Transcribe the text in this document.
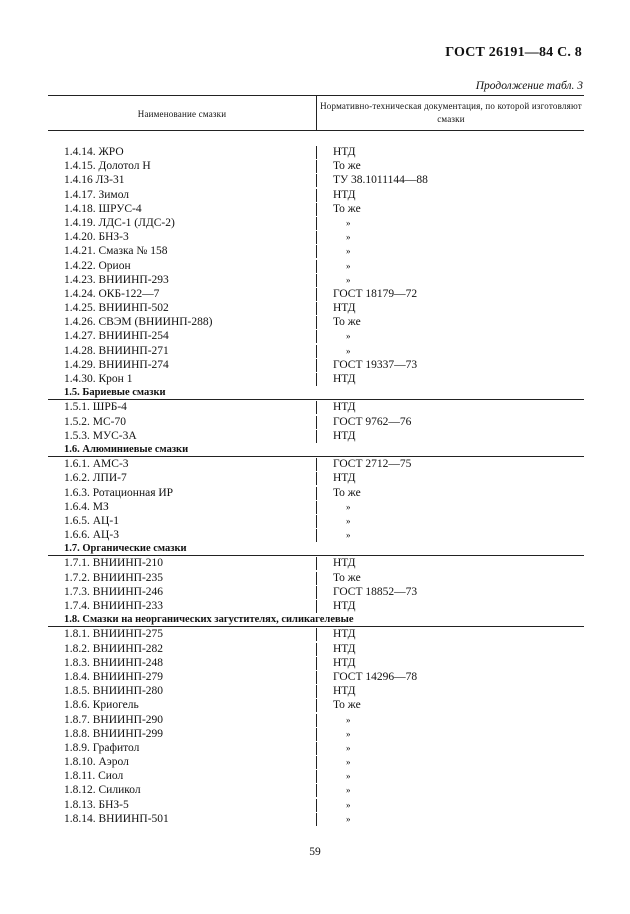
ГОСТ 26191—84 С. 8
Продолжение табл. 3
Наименование смазки
Нормативно-техническая документация, по которой изготовляют смазки
1.4.14. ЖРО	НТД
1.4.15. Долотол Н	То же
1.4.16 ЛЗ-31	ТУ 38.1011144—88
1.4.17. Зимол	НТД
1.4.18. ШРУС-4	То же
1.4.19. ЛДС-1 (ЛДС-2)	»
1.4.20. БНЗ-3	»
1.4.21. Смазка № 158	»
1.4.22. Орион	»
1.4.23. ВНИИНП-293	»
1.4.24. ОКБ-122—7	ГОСТ 18179—72
1.4.25. ВНИИНП-502	НТД
1.4.26. СВЭМ (ВНИИНП-288)	То же
1.4.27. ВНИИНП-254	»
1.4.28. ВНИИНП-271	»
1.4.29. ВНИИНП-274	ГОСТ 19337—73
1.4.30. Крон 1	НТД
1.5. Бариевые смазки
1.5.1. ШРБ-4	НТД
1.5.2. МС-70	ГОСТ 9762—76
1.5.3. МУС-3А	НТД
1.6. Алюминиевые смазки
1.6.1. АМС-3	ГОСТ 2712—75
1.6.2. ЛПИ-7	НТД
1.6.3. Ротационная ИР	То же
1.6.4. МЗ	»
1.6.5. АЦ-1	»
1.6.6. АЦ-3	»
1.7. Органические смазки
1.7.1. ВНИИНП-210	НТД
1.7.2. ВНИИНП-235	То же
1.7.3. ВНИИНП-246	ГОСТ 18852—73
1.7.4. ВНИИНП-233	НТД
1.8. Смазки на неорганических загустителях, силикагелевые
1.8.1. ВНИИНП-275	НТД
1.8.2. ВНИИНП-282	НТД
1.8.3. ВНИИНП-248	НТД
1.8.4. ВНИИНП-279	ГОСТ 14296—78
1.8.5. ВНИИНП-280	НТД
1.8.6. Криогель	То же
1.8.7. ВНИИНП-290	»
1.8.8. ВНИИНП-299	»
1.8.9. Графитол	»
1.8.10. Аэрол	»
1.8.11. Сиол	»
1.8.12. Силикол	»
1.8.13. БНЗ-5	»
1.8.14. ВНИИНП-501	»
59
